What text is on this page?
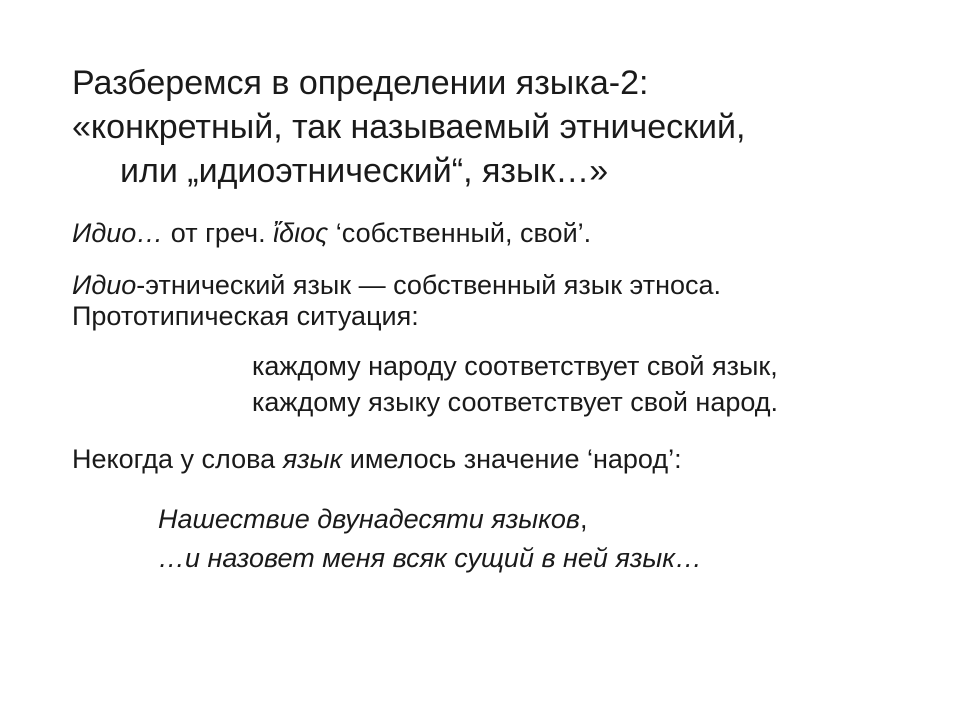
Разберемся в определении языка-2:
«конкретный, так называемый этнический,
или „идиоэтнический“, язык…»
Идио… от греч. ἴδιος ‘собственный, свой’.
Идио-этнический язык — собственный язык этноса.
Прототипическая ситуация:
каждому народу соответствует свой язык,
каждому языку соответствует свой народ.
Некогда у слова язык имелось значение ‘народ’:
Нашествие двунадесяти языков,
…и назовет меня всяк сущий в ней язык…
